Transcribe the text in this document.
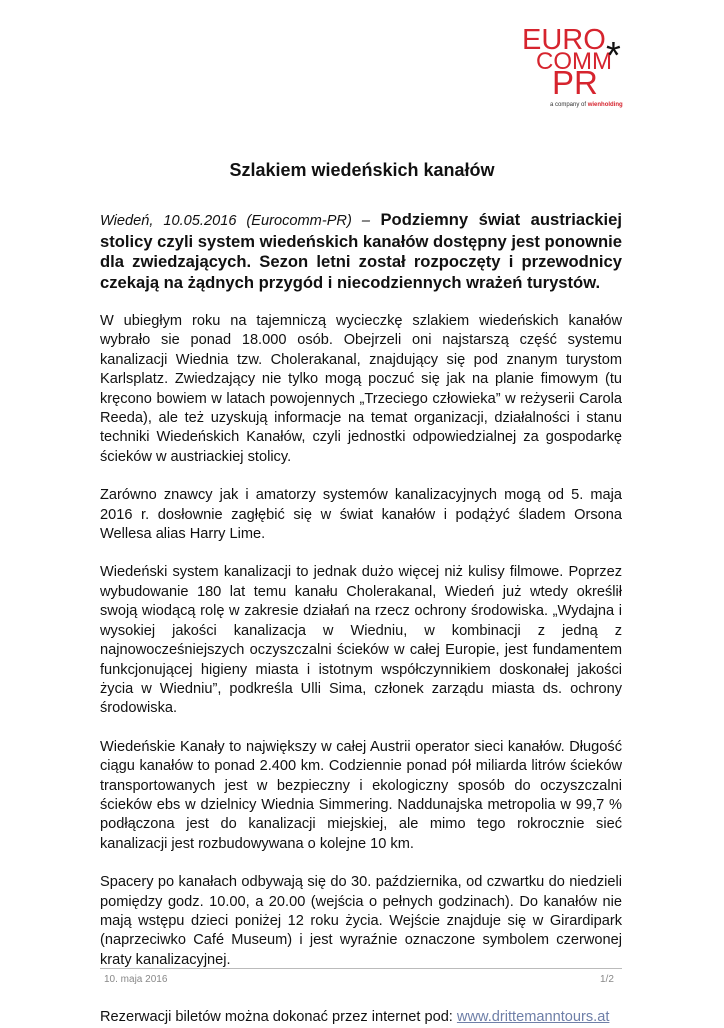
EURO
COMM
PR
*
a company of wienholding
Szlakiem wiedeńskich kanałów

Wiedeń, 10.05.2016 (Eurocomm-PR) – Podziemny świat austriackiej stolicy czyli system wiedeńskich kanałów dostępny jest ponownie dla zwiedzających. Sezon letni został rozpoczęty i przewodnicy czekają na żądnych przygód i niecodziennych wrażeń turystów.

W ubiegłym roku na tajemniczą wycieczkę szlakiem wiedeńskich kanałów wybrało sie ponad 18.000 osób. Obejrzeli oni najstarszą część systemu kanalizacji Wiednia tzw. Cholerakanal, znajdujący się pod znanym turystom Karlsplatz. Zwiedzający nie tylko mogą poczuć się jak na planie fimowym (tu kręcono bowiem w latach powojennych „Trzeciego człowieka” w reżyserii Carola Reeda), ale też uzyskują informacje na temat organizacji, działalności i stanu techniki Wiedeńskich Kanałów, czyli jednostki odpowiedzialnej za gospodarkę ścieków w austriackiej stolicy.

Zarówno znawcy jak i amatorzy systemów kanalizacyjnych mogą od 5. maja 2016 r. dosłownie zagłębić się w świat kanałów i podążyć śladem Orsona Wellesa alias Harry Lime.

Wiedeński system kanalizacji to jednak dużo więcej niż kulisy filmowe. Poprzez wybudowanie 180 lat temu kanału Cholerakanal, Wiedeń już wtedy określił swoją wiodącą rolę w zakresie działań na rzecz ochrony środowiska. „Wydajna i wysokiej jakości kanalizacja w Wiedniu, w kombinacji z jedną z najnowocześniejszych oczyszczalni ścieków w całej Europie, jest fundamentem funkcjonującej higieny miasta i istotnym współczynnikiem doskonałej jakości życia w Wiedniu”, podkreśla Ulli Sima, członek zarządu miasta ds. ochrony środowiska.

Wiedeńskie Kanały to największy w całej Austrii operator sieci kanałów. Długość ciągu kanałów to ponad 2.400 km. Codziennie ponad pół miliarda litrów ścieków transportowanych jest w bezpieczny i ekologiczny sposób do oczyszczalni ścieków ebs w dzielnicy Wiednia Simmering. Naddunajska metropolia w 99,7 % podłączona jest do kanalizacji miejskiej, ale mimo tego rokrocznie sieć kanalizacji jest rozbudowywana o kolejne 10 km.

Spacery po kanałach odbywają się do 30. października, od czwartku do niedzieli pomiędzy godz. 10.00, a 20.00 (wejścia o pełnych godzinach). Do kanałów nie mają wstępu dzieci poniżej 12 roku życia. Wejście znajduje się w Girardipark (naprzeciwko Café Museum) i jest wyraźnie oznaczone symbolem czerwonej kraty kanalizacyjnej.

Rezerwacji biletów można dokonać przez internet pod: www.drittemanntours.at

10. maja 2016	1/2
